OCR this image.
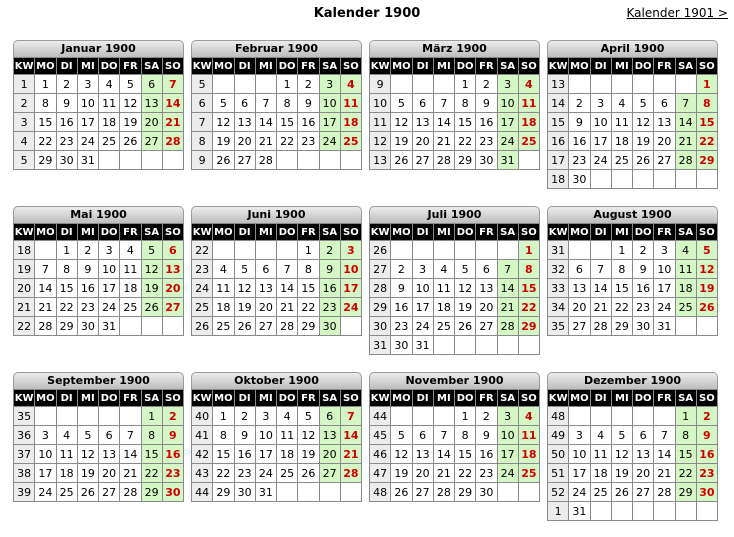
Kalender 1900	Kalender 1901 >
Januar 1900
KW	MO	DI	MI	DO	FR	SA	SO
1	1	2	3	4	5	6	7
2	8	9	10	11	12	13	14
3	15	16	17	18	19	20	21
4	22	23	24	25	26	27	28
5	29	30	31				
Februar 1900
KW	MO	DI	MI	DO	FR	SA	SO
5				1	2	3	4
6	5	6	7	8	9	10	11
7	12	13	14	15	16	17	18
8	19	20	21	22	23	24	25
9	26	27	28				
März 1900
KW	MO	DI	MI	DO	FR	SA	SO
9				1	2	3	4
10	5	6	7	8	9	10	11
11	12	13	14	15	16	17	18
12	19	20	21	22	23	24	25
13	26	27	28	29	30	31	
April 1900
KW	MO	DI	MI	DO	FR	SA	SO
13							1
14	2	3	4	5	6	7	8
15	9	10	11	12	13	14	15
16	16	17	18	19	20	21	22
17	23	24	25	26	27	28	29
18	30						
Mai 1900
KW	MO	DI	MI	DO	FR	SA	SO
18		1	2	3	4	5	6
19	7	8	9	10	11	12	13
20	14	15	16	17	18	19	20
21	21	22	23	24	25	26	27
22	28	29	30	31			
Juni 1900
KW	MO	DI	MI	DO	FR	SA	SO
22					1	2	3
23	4	5	6	7	8	9	10
24	11	12	13	14	15	16	17
25	18	19	20	21	22	23	24
26	25	26	27	28	29	30	
Juli 1900
KW	MO	DI	MI	DO	FR	SA	SO
26							1
27	2	3	4	5	6	7	8
28	9	10	11	12	13	14	15
29	16	17	18	19	20	21	22
30	23	24	25	26	27	28	29
31	30	31					
August 1900
KW	MO	DI	MI	DO	FR	SA	SO
31			1	2	3	4	5
32	6	7	8	9	10	11	12
33	13	14	15	16	17	18	19
34	20	21	22	23	24	25	26
35	27	28	29	30	31		
September 1900
KW	MO	DI	MI	DO	FR	SA	SO
35						1	2
36	3	4	5	6	7	8	9
37	10	11	12	13	14	15	16
38	17	18	19	20	21	22	23
39	24	25	26	27	28	29	30
Oktober 1900
KW	MO	DI	MI	DO	FR	SA	SO
40	1	2	3	4	5	6	7
41	8	9	10	11	12	13	14
42	15	16	17	18	19	20	21
43	22	23	24	25	26	27	28
44	29	30	31				
November 1900
KW	MO	DI	MI	DO	FR	SA	SO
44				1	2	3	4
45	5	6	7	8	9	10	11
46	12	13	14	15	16	17	18
47	19	20	21	22	23	24	25
48	26	27	28	29	30		
Dezember 1900
KW	MO	DI	MI	DO	FR	SA	SO
48						1	2
49	3	4	5	6	7	8	9
50	10	11	12	13	14	15	16
51	17	18	19	20	21	22	23
52	24	25	26	27	28	29	30
1	31						
